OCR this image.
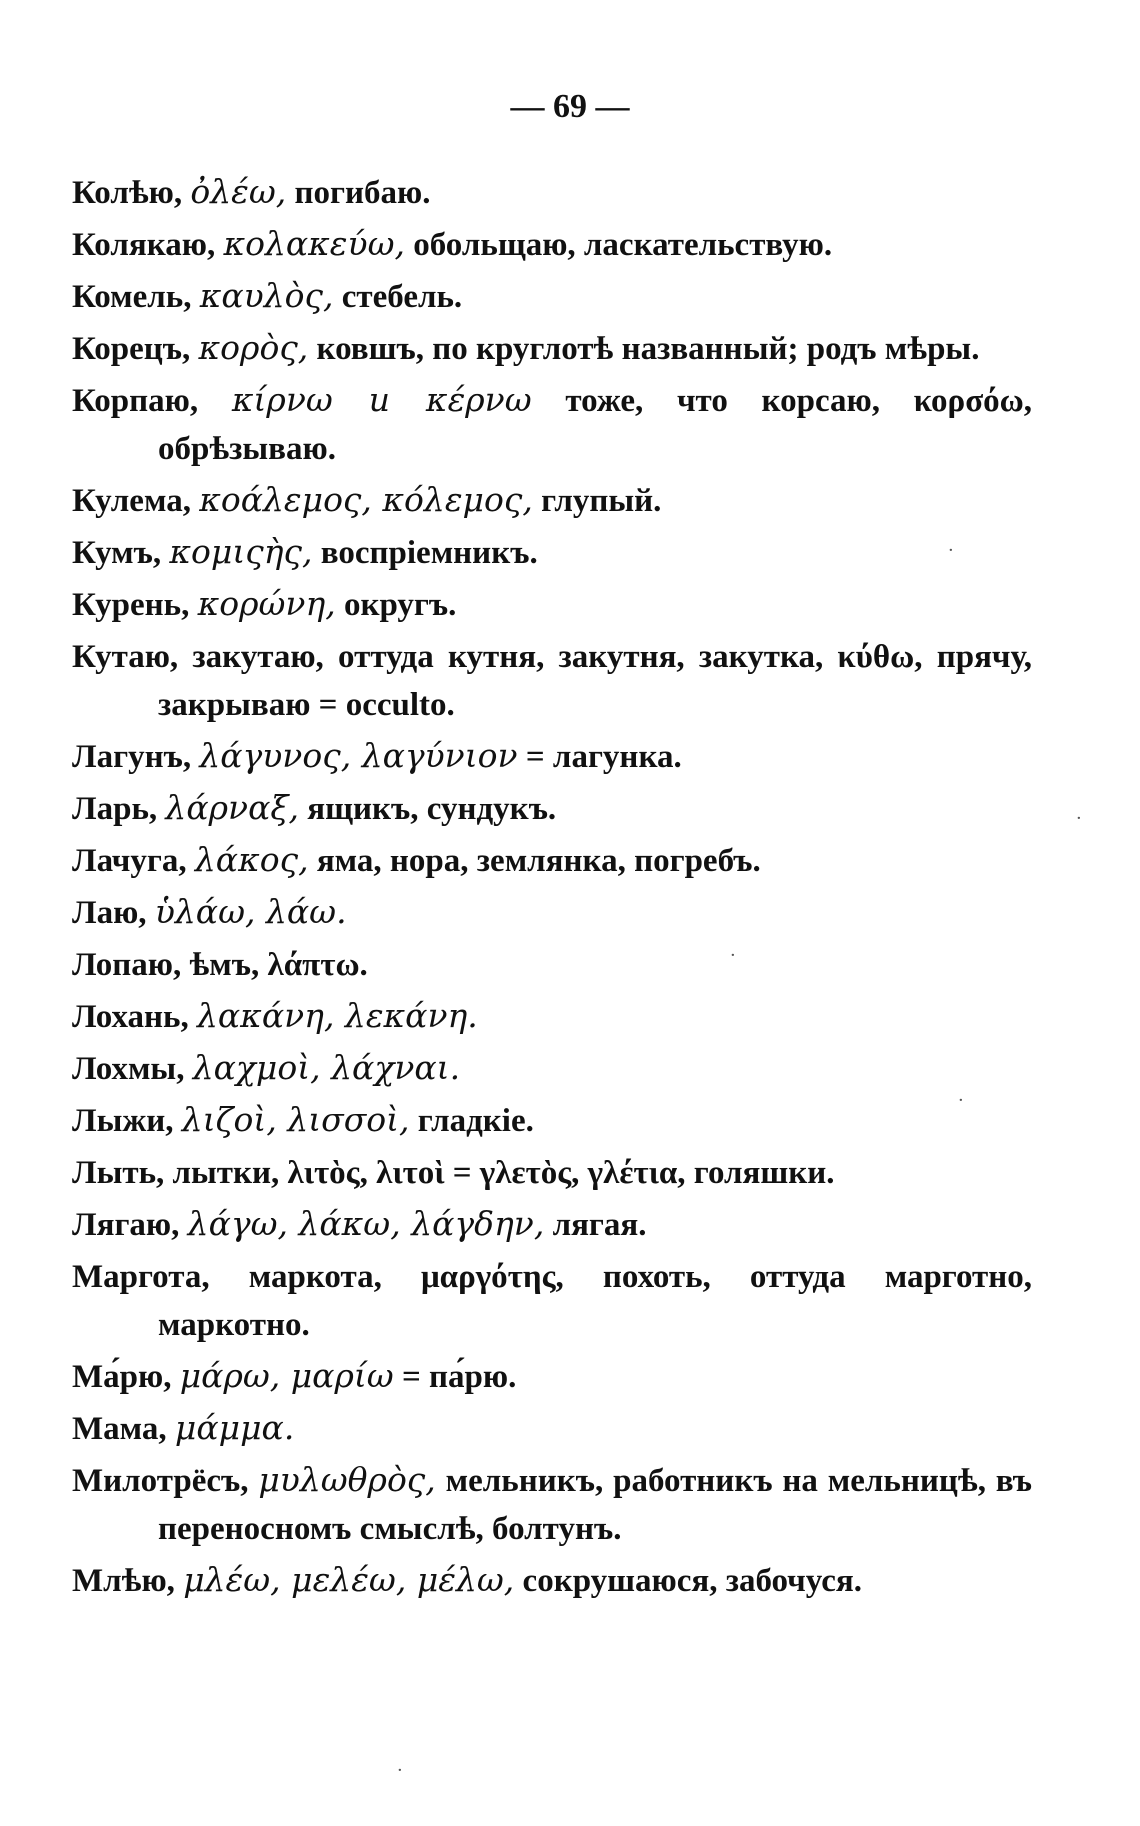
— 69 —
Колѣю, ὀλέω, погибаю.
Колякаю, κολακεύω, обольщаю, ласкательствую.
Комель, καυλὸς, стебель.
Корецъ, κορὸς, ковшъ, по круглотѣ названный; родъ мѣры.
Корпаю, κίρνω и κέρνω тоже, что корсаю, κορσόω, обрѣзываю.
Кулема, κοάλεμος, κόλεμος, глупый.
Кумъ, κομιςὴς, воспріемникъ.
Курень, κορώνη, округъ.
Кутаю, закутаю, оттуда кутня, закутня, закутка, κύθω, прячу, закрываю = occulto.
Лагунъ, λάγυνος, λαγύνιον = лагунка.
Ларь, λάρναξ, ящикъ, сундукъ.
Лачуга, λάκος, яма, нора, землянка, погребъ.
Лаю, ὑλάω, λάω.
Лопаю, ѣмъ, λάπτω.
Лохань, λακάνη, λεκάνη.
Лохмы, λαχμοὶ, λάχναι.
Лыжи, λιζοὶ, λισσοὶ, гладкіе.
Лыть, лытки, λιτὸς, λιτοὶ = γλετὸς, γλέτια, голяшки.
Лягаю, λάγω, λάκω, λάγδην, лягая.
Маргота, маркота, μαργότης, похоть, оттуда марготно, маркотно.
Ма́рю, μάρω, μαρίω = па́рю.
Мама, μάμμα.
Милотрёсъ, μυλωθρὸς, мельникъ, работникъ на мельницѣ, въ переносномъ смыслѣ, болтунъ.
Млѣю, μλέω, μελέω, μέλω, сокрушаюся, забочуся.
·
·
·
·
·
